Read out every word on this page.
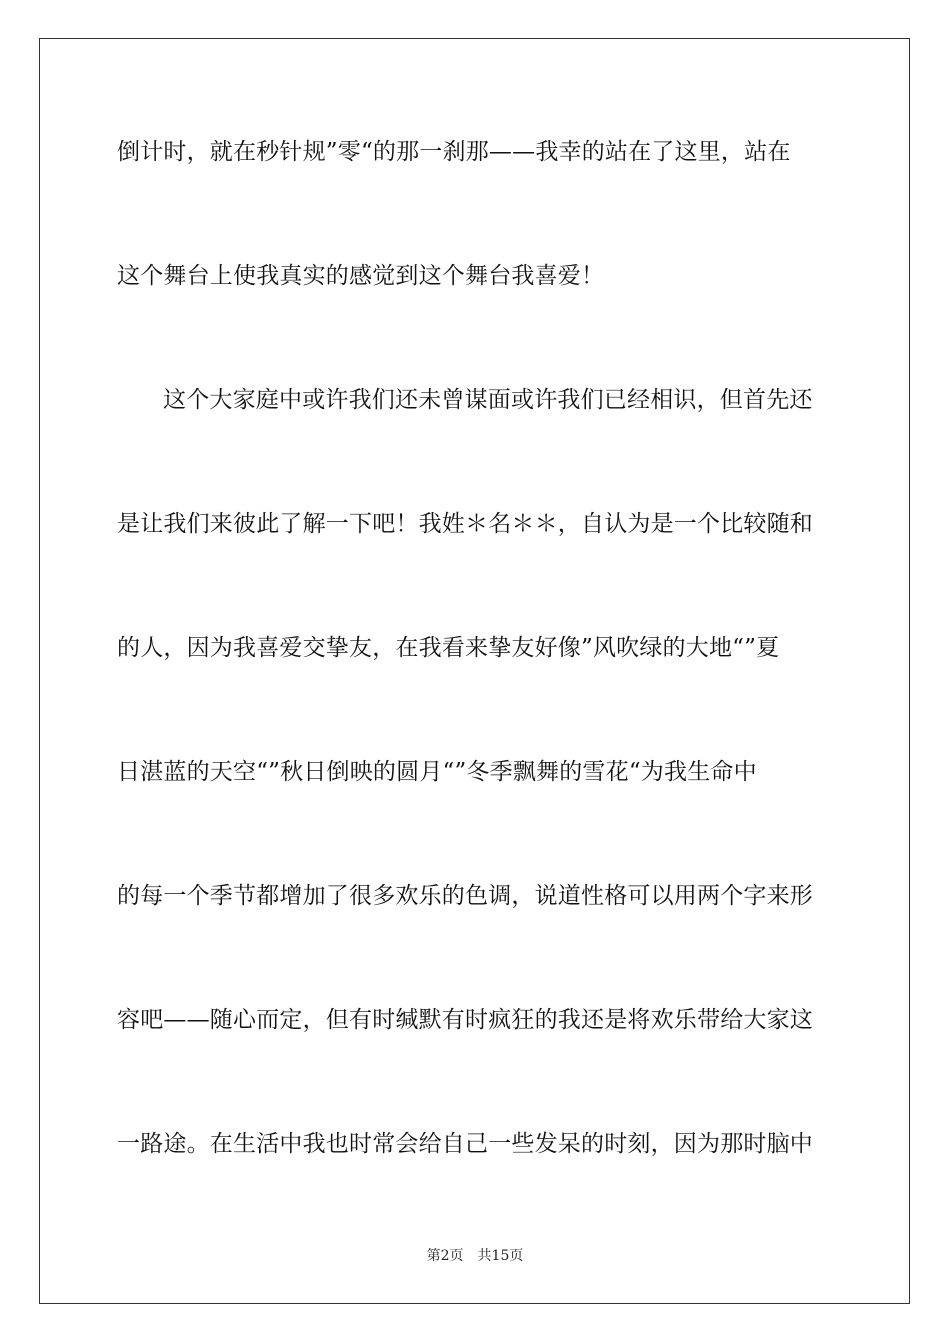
倒计时，就在秒针规”零“的那一刹那——我幸的站在了这里，站在
这个舞台上使我真实的感觉到这个舞台我喜爱！
这个大家庭中或许我们还未曾谋面或许我们已经相识，但首先还
是让我们来彼此了解一下吧！我姓＊名＊＊，自认为是一个比较随和
的人，因为我喜爱交挚友，在我看来挚友好像”风吹绿的大地“”夏
日湛蓝的天空“”秋日倒映的圆月“”冬季飘舞的雪花“为我生命中
的每一个季节都增加了很多欢乐的色调，说道性格可以用两个字来形
容吧——随心而定，但有时缄默有时疯狂的我还是将欢乐带给大家这
一路途。在生活中我也时常会给自己一些发呆的时刻，因为那时脑中
第2页 共15页
